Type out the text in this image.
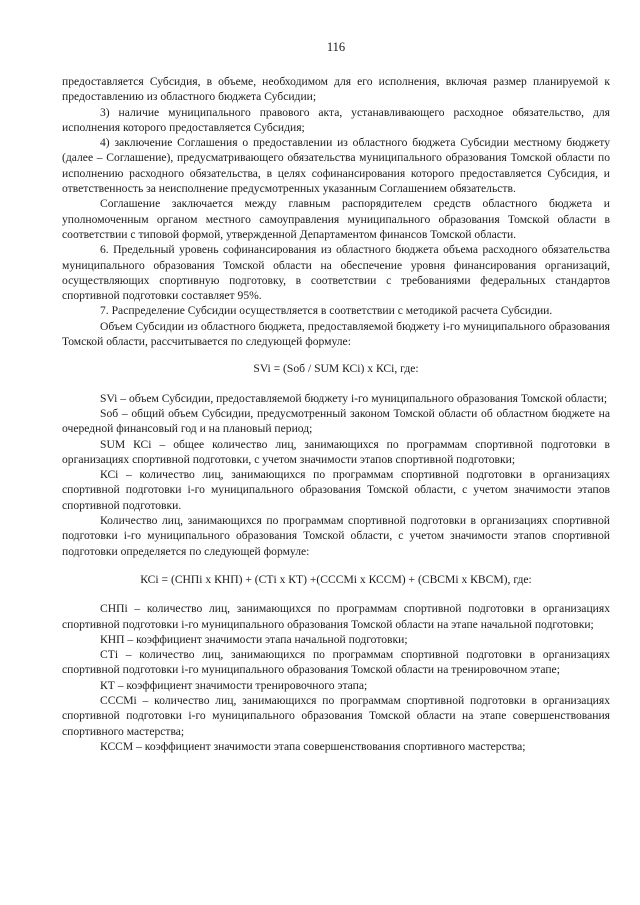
116

предоставляется Субсидия, в объеме, необходимом для его исполнения, включая размер планируемой к предоставлению из областного бюджета Субсидии;

3) наличие муниципального правового акта, устанавливающего расходное обязательство, для исполнения которого предоставляется Субсидия;

4) заключение Соглашения о предоставлении из областного бюджета Субсидии местному бюджету (далее – Соглашение), предусматривающего обязательства муниципального образования Томской области по исполнению расходного обязательства, в целях софинансирования которого предоставляется Субсидия, и ответственность за неисполнение предусмотренных указанным Соглашением обязательств.

Соглашение заключается между главным распорядителем средств областного бюджета и уполномоченным органом местного самоуправления муниципального образования Томской области в соответствии с типовой формой, утвержденной Департаментом финансов Томской области.

6. Предельный уровень софинансирования из областного бюджета объема расходного обязательства муниципального образования Томской области на обеспечение уровня финансирования организаций, осуществляющих спортивную подготовку, в соответствии с требованиями федеральных стандартов спортивной подготовки составляет 95%.

7. Распределение Субсидии осуществляется в соответствии с методикой расчета Субсидии.

Объем Субсидии из областного бюджета, предоставляемой бюджету i-го муниципального образования Томской области, рассчитывается по следующей формуле:

SVi = (Sоб / SUM КСi) x КСi, где:

SVi – объем Субсидии, предоставляемой бюджету i-го муниципального образования Томской области;

Sоб – общий объем Субсидии, предусмотренный законом Томской области об областном бюджете на очередной финансовый год и на плановый период;

SUM КСi – общее количество лиц, занимающихся по программам спортивной подготовки в организациях спортивной подготовки, с учетом значимости этапов спортивной подготовки;

КСi – количество лиц, занимающихся по программам спортивной подготовки в организациях спортивной подготовки i-го муниципального образования Томской области, с учетом значимости этапов спортивной подготовки.

Количество лиц, занимающихся по программам спортивной подготовки в организациях спортивной подготовки i-го муниципального образования Томской области, с учетом значимости этапов спортивной подготовки определяется по следующей формуле:

КСi = (СНПi x КНП) + (СТi x КТ) +(СССМi x КССМ) + (СВСМi x КВСМ), где:

СНПi – количество лиц, занимающихся по программам спортивной подготовки в организациях спортивной подготовки i-го муниципального образования Томской области на этапе начальной подготовки;

КНП – коэффициент значимости этапа начальной подготовки;

СТi – количество лиц, занимающихся по программам спортивной подготовки в организациях спортивной подготовки i-го муниципального образования Томской области на тренировочном этапе;

КТ – коэффициент значимости тренировочного этапа;

СССМi – количество лиц, занимающихся по программам спортивной подготовки в организациях спортивной подготовки i-го муниципального образования Томской области на этапе совершенствования спортивного мастерства;

КССМ – коэффициент значимости этапа совершенствования спортивного мастерства;
